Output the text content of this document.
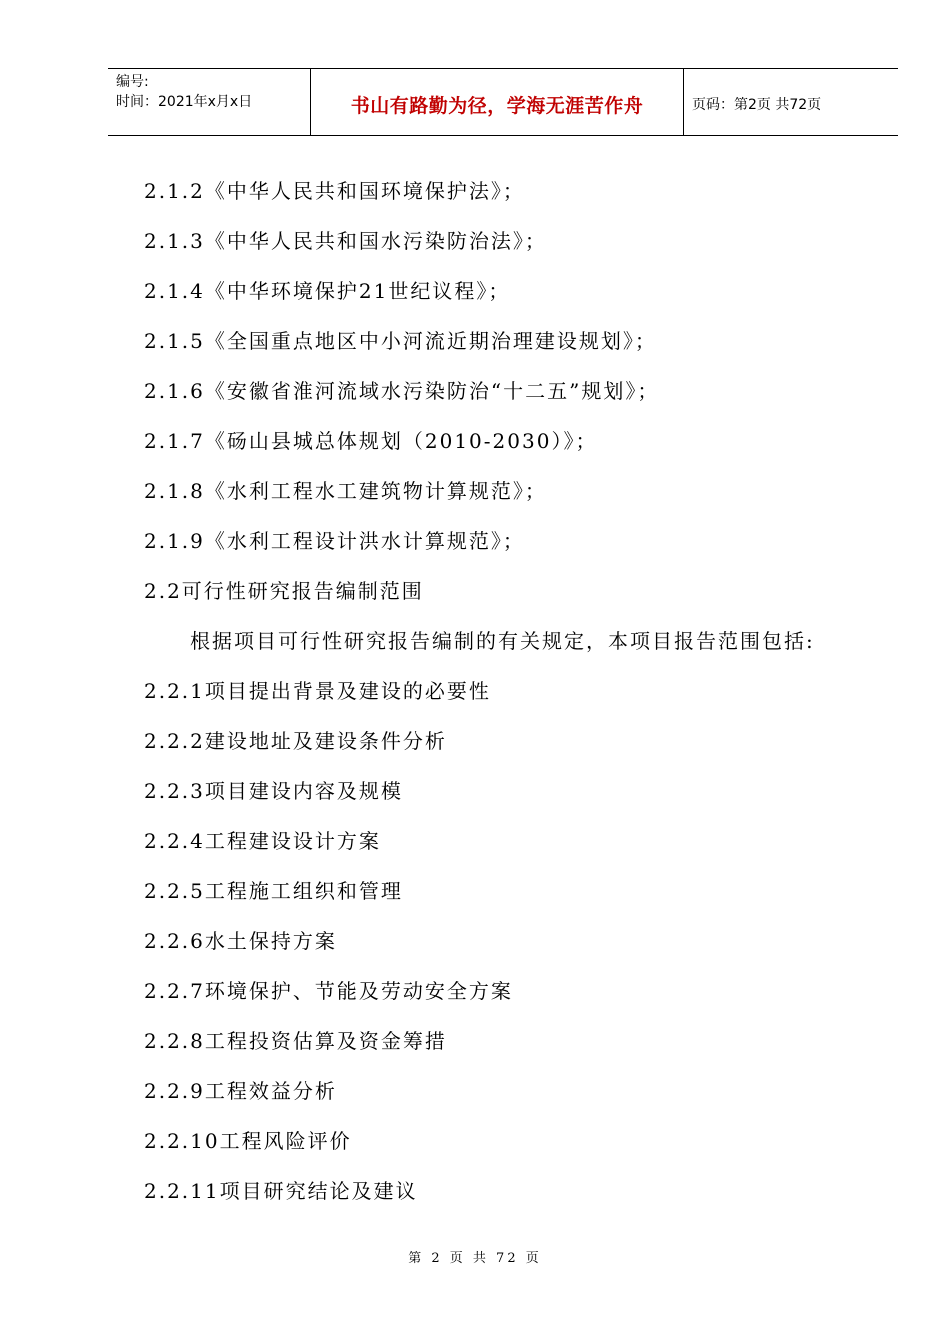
编号:
时间：2021年x月x日	书山有路勤为径，学海无涯苦作舟	页码：第2页 共72页
2.1.2《中华人民共和国环境保护法》；
2.1.3《中华人民共和国水污染防治法》；
2.1.4《中华环境保护21世纪议程》；
2.1.5《全国重点地区中小河流近期治理建设规划》；
2.1.6《安徽省淮河流域水污染防治“十二五”规划》；
2.1.7《砀山县城总体规划（2010-2030）》；
2.1.8《水利工程水工建筑物计算规范》；
2.1.9《水利工程设计洪水计算规范》；
2.2可行性研究报告编制范围
根据项目可行性研究报告编制的有关规定，本项目报告范围包括:
2.2.1项目提出背景及建设的必要性
2.2.2建设地址及建设条件分析
2.2.3项目建设内容及规模
2.2.4工程建设设计方案
2.2.5工程施工组织和管理
2.2.6水土保持方案
2.2.7环境保护、节能及劳动安全方案
2.2.8工程投资估算及资金筹措
2.2.9工程效益分析
2.2.10工程风险评价
2.2.11项目研究结论及建议
第 2 页 共 72 页
